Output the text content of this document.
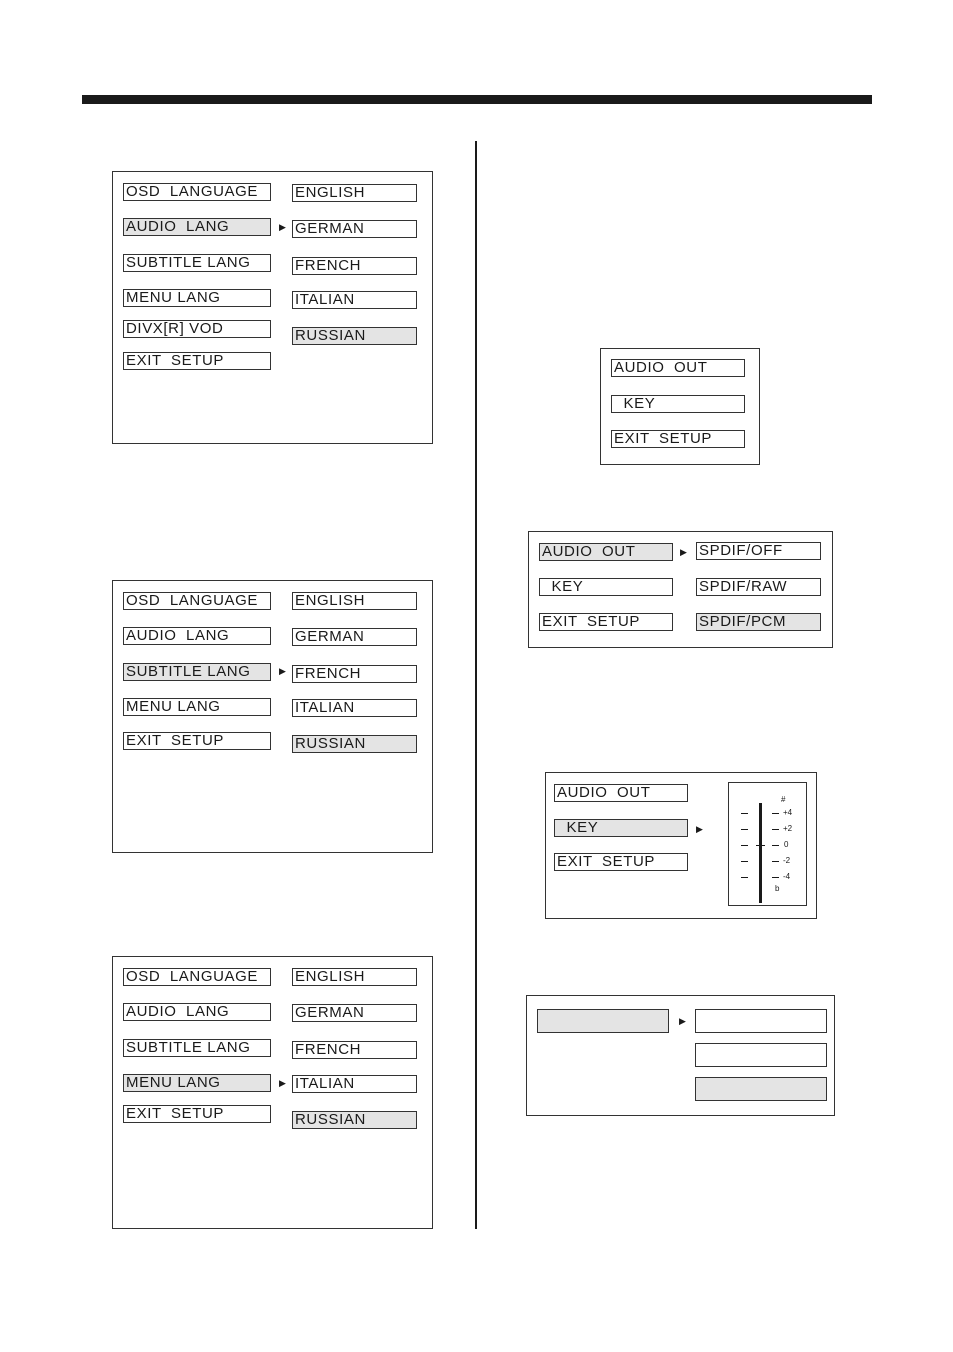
OSD  LANGUAGE
AUDIO  LANG
SUBTITLE LANG
MENU LANG
DIVX[R] VOD
EXIT  SETUP
▶
ENGLISH
GERMAN
FRENCH
ITALIAN
RUSSIAN
OSD  LANGUAGE
AUDIO  LANG
SUBTITLE LANG
MENU LANG
EXIT  SETUP
▶
ENGLISH
GERMAN
FRENCH
ITALIAN
RUSSIAN
OSD  LANGUAGE
AUDIO  LANG
SUBTITLE LANG
MENU LANG
EXIT  SETUP
▶
ENGLISH
GERMAN
FRENCH
ITALIAN
RUSSIAN
AUDIO  OUT
KEY
EXIT  SETUP
AUDIO  OUT
KEY
EXIT  SETUP
▶ SPDIF/OFF
SPDIF/RAW
SPDIF/PCM
AUDIO  OUT
KEY
EXIT  SETUP
▶
#
+4
+2
0
-2
-4
b
▶
